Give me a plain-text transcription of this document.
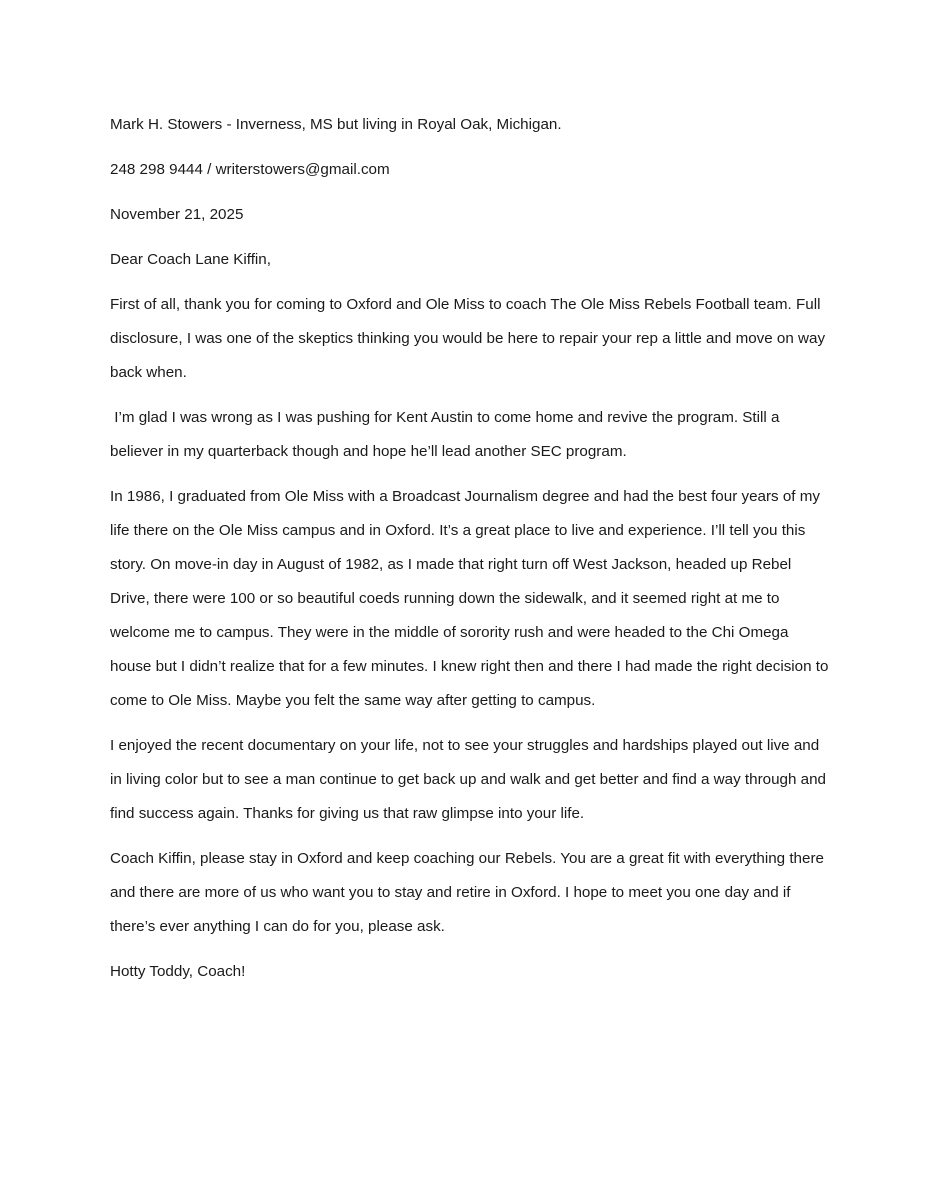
Mark H. Stowers - Inverness, MS but living in Royal Oak, Michigan.

248 298 9444 / writerstowers@gmail.com

November 21, 2025

Dear Coach Lane Kiffin,

First of all, thank you for coming to Oxford and Ole Miss to coach The Ole Miss Rebels Football team. Full disclosure, I was one of the skeptics thinking you would be here to repair your rep a little and move on way back when.

I’m glad I was wrong as I was pushing for Kent Austin to come home and revive the program. Still a believer in my quarterback though and hope he’ll lead another SEC program.

In 1986, I graduated from Ole Miss with a Broadcast Journalism degree and had the best four years of my life there on the Ole Miss campus and in Oxford. It’s a great place to live and experience. I’ll tell you this story. On move-in day in August of 1982, as I made that right turn off West Jackson, headed up Rebel Drive, there were 100 or so beautiful coeds running down the sidewalk, and it seemed right at me to welcome me to campus. They were in the middle of sorority rush and were headed to the Chi Omega house but I didn’t realize that for a few minutes. I knew right then and there I had made the right decision to come to Ole Miss. Maybe you felt the same way after getting to campus.

I enjoyed the recent documentary on your life, not to see your struggles and hardships played out live and in living color but to see a man continue to get back up and walk and get better and find a way through and find success again. Thanks for giving us that raw glimpse into your life.

Coach Kiffin, please stay in Oxford and keep coaching our Rebels. You are a great fit with everything there and there are more of us who want you to stay and retire in Oxford. I hope to meet you one day and if there’s ever anything I can do for you, please ask.

Hotty Toddy, Coach!
